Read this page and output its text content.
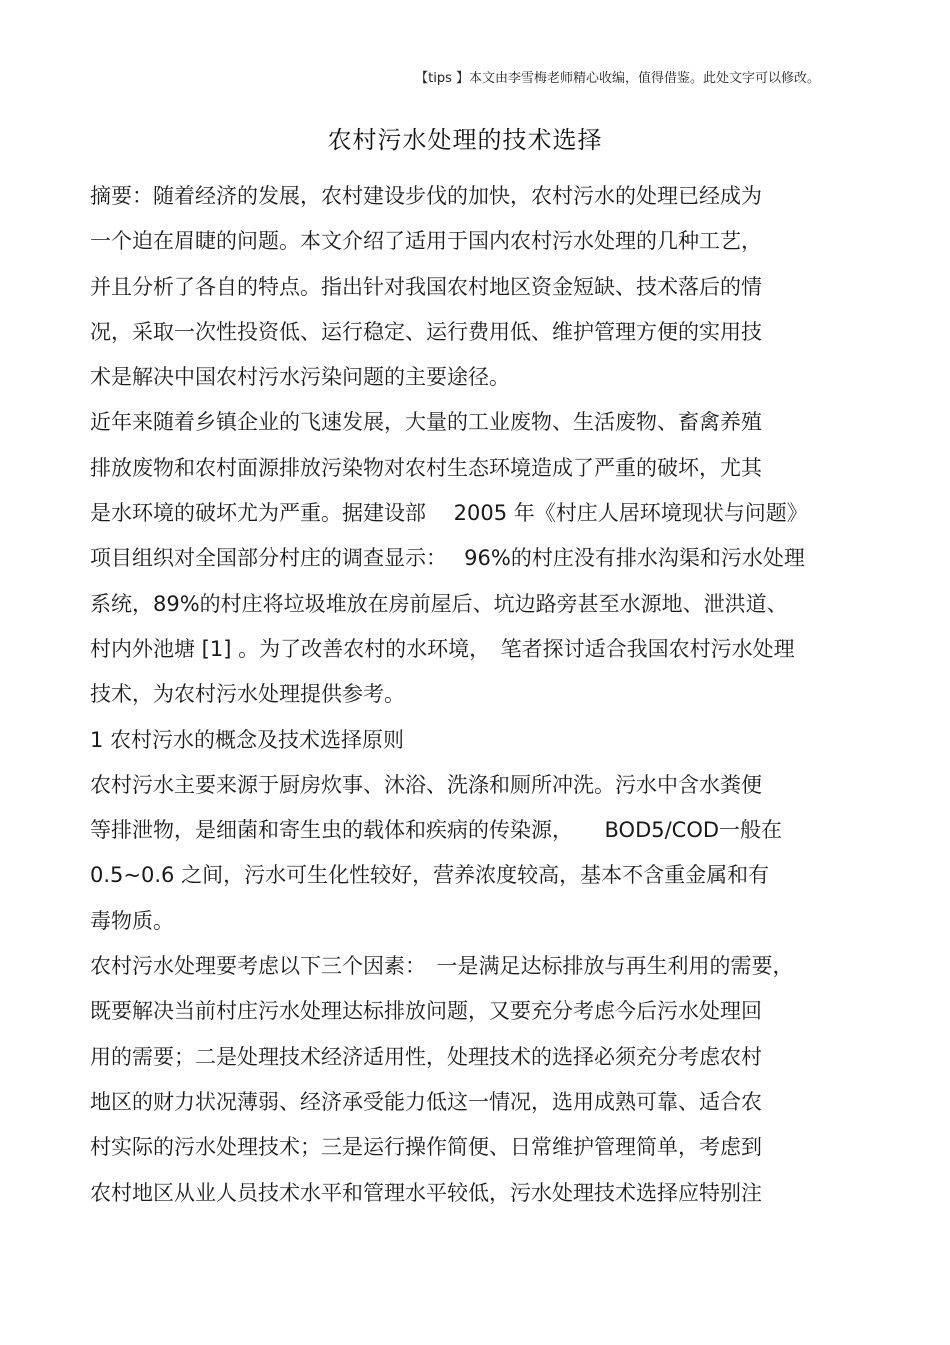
【tips 】本文由李雪梅老师精心收编，值得借鉴。此处文字可以修改。
农村污水处理的技术选择
摘要：随着经济的发展，农村建设步伐的加快，农村污水的处理已经成为
一个迫在眉睫的问题。本文介绍了适用于国内农村污水处理的几种工艺，
并且分析了各自的特点。指出针对我国农村地区资金短缺、技术落后的情
况，采取一次性投资低、运行稳定、运行费用低、维护管理方便的实用技
术是解决中国农村污水污染问题的主要途径。
近年来随着乡镇企业的飞速发展，大量的工业废物、生活废物、畜禽养殖
排放废物和农村面源排放污染物对农村生态环境造成了严重的破坏，尤其
是水环境的破坏尤为严重。据建设部　 2005 年《村庄人居环境现状与问题》
项目组织对全国部分村庄的调查显示：　 96%的村庄没有排水沟渠和污水处理
系统，89%的村庄将垃圾堆放在房前屋后、坑边路旁甚至水源地、泄洪道、
村内外池塘 [1] 。为了改善农村的水环境，　笔者探讨适合我国农村污水处理
技术，为农村污水处理提供参考。
1 农村污水的概念及技术选择原则
农村污水主要来源于厨房炊事、沐浴、洗涤和厕所冲洗。污水中含水粪便
等排泄物，是细菌和寄生虫的载体和疾病的传染源，　　BOD5/COD一般在
0.5~0.6 之间，污水可生化性较好，营养浓度较高，基本不含重金属和有
毒物质。
农村污水处理要考虑以下三个因素：　一是满足达标排放与再生利用的需要，
既要解决当前村庄污水处理达标排放问题，又要充分考虑今后污水处理回
用的需要；二是处理技术经济适用性，处理技术的选择必须充分考虑农村
地区的财力状况薄弱、经济承受能力低这一情况，选用成熟可靠、适合农
村实际的污水处理技术；三是运行操作简便、日常维护管理简单，考虑到
农村地区从业人员技术水平和管理水平较低，污水处理技术选择应特别注
